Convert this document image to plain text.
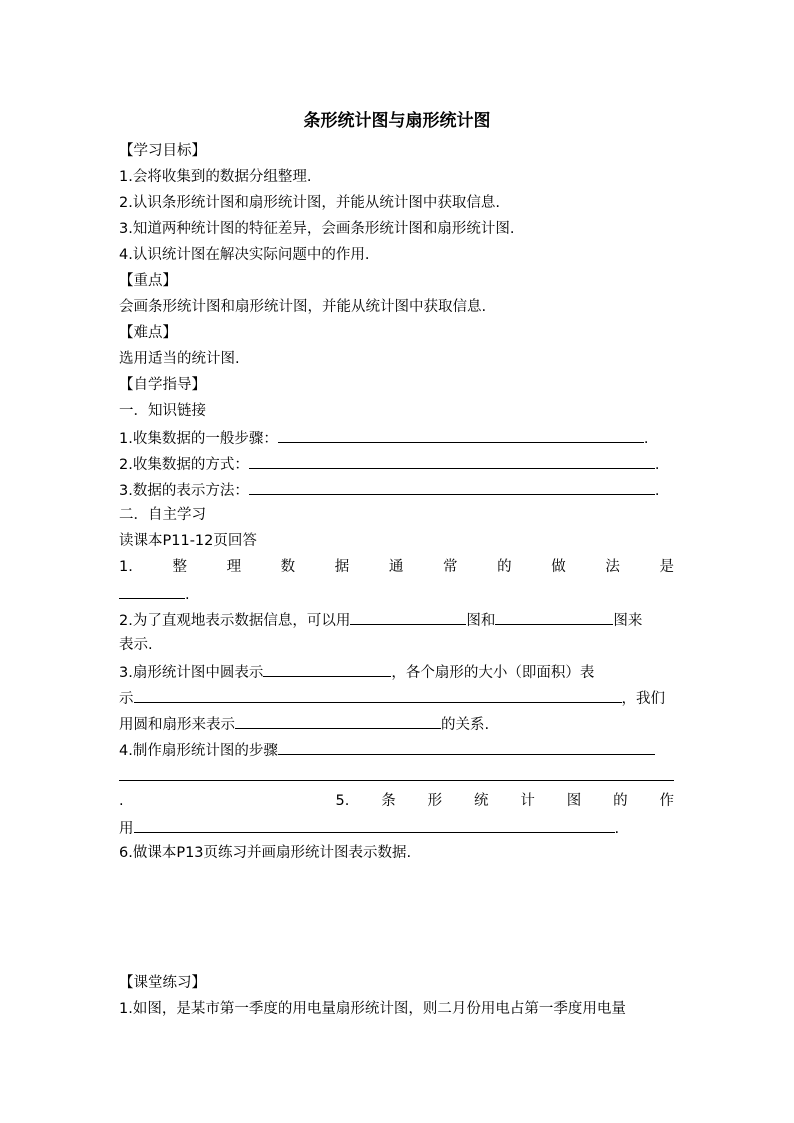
条形统计图与扇形统计图
【学习目标】
1.会将收集到的数据分组整理.
2.认识条形统计图和扇形统计图，并能从统计图中获取信息.
3.知道两种统计图的特征差异，会画条形统计图和扇形统计图.
4.认识统计图在解决实际问题中的作用.
【重点】
会画条形统计图和扇形统计图，并能从统计图中获取信息.
【难点】
选用适当的统计图.
【自学指导】
一．知识链接
1.收集数据的一般步骤：	.
2.收集数据的方式：	.
3.数据的表示方法：	.
二．自主学习
读课本P11-12页回答
1.	整	理	数	据	通	常	的	做	法	是
.
2.为了直观地表示数据信息，可以用	图和	图来
表示.
3.扇形统计图中圆表示	，各个扇形的大小（即面积）表
示	，我们
用圆和扇形来表示	的关系.
4.制作扇形统计图的步骤
.	5. 条 形 统 计 图 的 作
用	.
6.做课本P13页练习并画扇形统计图表示数据.
【课堂练习】
1.如图，是某市第一季度的用电量扇形统计图，则二月份用电占第一季度用电量
